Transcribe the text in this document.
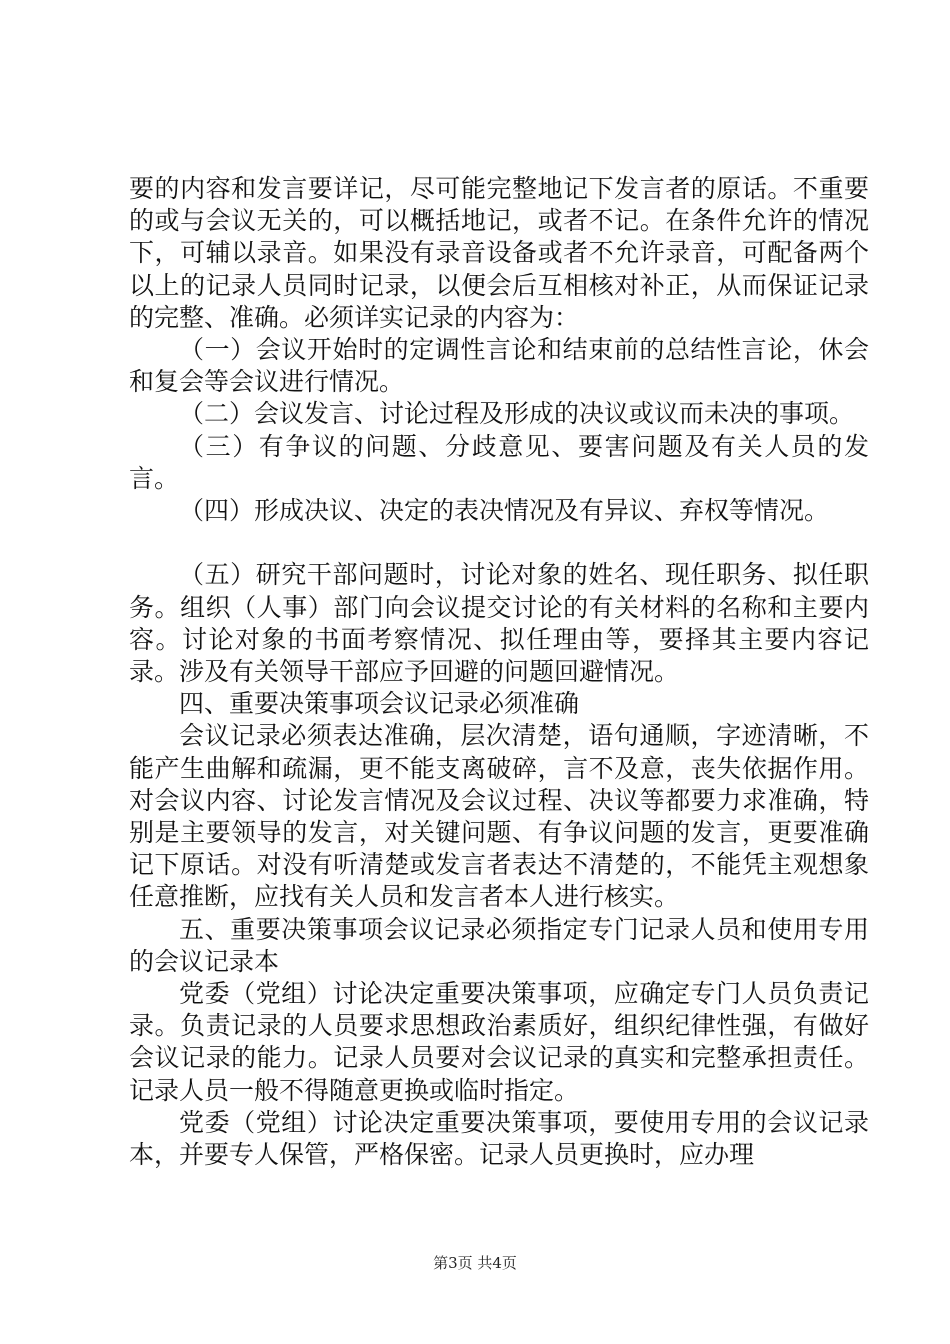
要的内容和发言要详记，尽可能完整地记下发言者的原话。不重要的或与会议无关的，可以概括地记，或者不记。在条件允许的情况下，可辅以录音。如果没有录音设备或者不允许录音，可配备两个以上的记录人员同时记录，以便会后互相核对补正，从而保证记录的完整、准确。必须详实记录的内容为：

（一）会议开始时的定调性言论和结束前的总结性言论，休会和复会等会议进行情况。

（二）会议发言、讨论过程及形成的决议或议而未决的事项。

（三）有争议的问题、分歧意见、要害问题及有关人员的发言。

（四）形成决议、决定的表决情况及有异议、弃权等情况。

（五）研究干部问题时，讨论对象的姓名、现任职务、拟任职务。组织（人事）部门向会议提交讨论的有关材料的名称和主要内容。讨论对象的书面考察情况、拟任理由等，要择其主要内容记录。涉及有关领导干部应予回避的问题回避情况。

四、重要决策事项会议记录必须准确

会议记录必须表达准确，层次清楚，语句通顺，字迹清晰，不能产生曲解和疏漏，更不能支离破碎，言不及意，丧失依据作用。对会议内容、讨论发言情况及会议过程、决议等都要力求准确，特别是主要领导的发言，对关键问题、有争议问题的发言，更要准确记下原话。对没有听清楚或发言者表达不清楚的，不能凭主观想象任意推断，应找有关人员和发言者本人进行核实。

五、重要决策事项会议记录必须指定专门记录人员和使用专用的会议记录本

党委（党组）讨论决定重要决策事项，应确定专门人员负责记录。负责记录的人员要求思想政治素质好，组织纪律性强，有做好会议记录的能力。记录人员要对会议记录的真实和完整承担责任。记录人员一般不得随意更换或临时指定。

党委（党组）讨论决定重要决策事项，要使用专用的会议记录本，并要专人保管，严格保密。记录人员更换时，应办理

第3页 共4页
